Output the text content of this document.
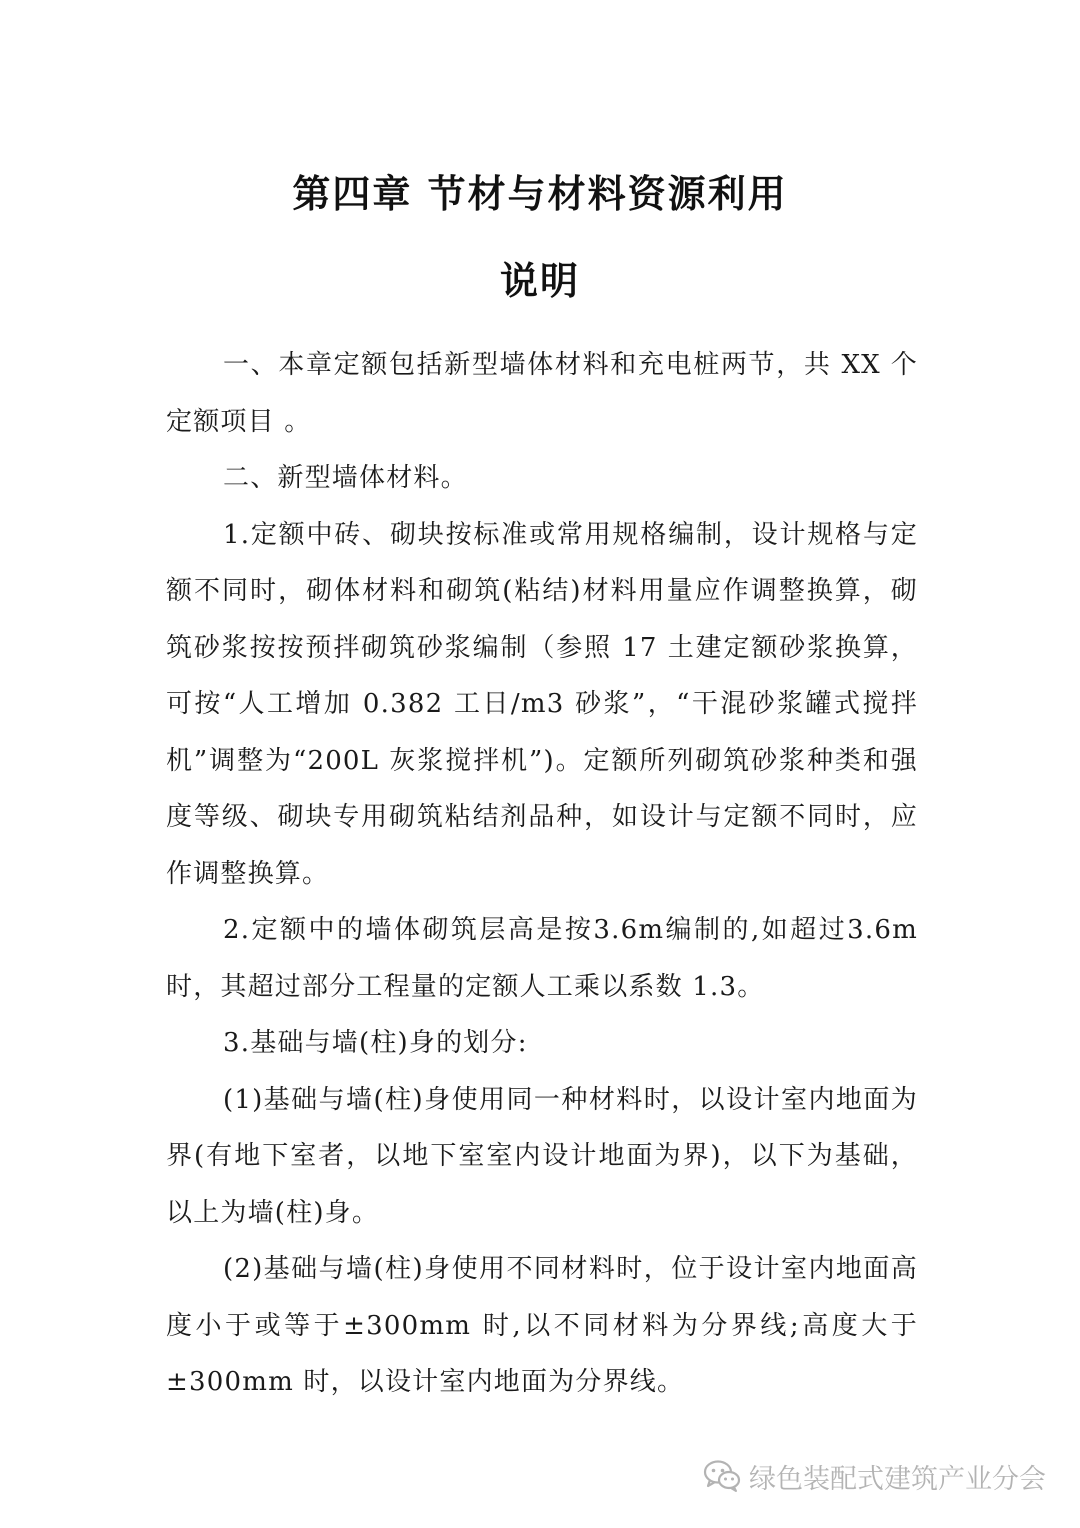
第四章 节材与材料资源利用
说明

一、本章定额包括新型墙体材料和充电桩两节，共 XX 个定额项目 。

二、新型墙体材料。

1.定额中砖、砌块按标准或常用规格编制，设计规格与定额不同时，砌体材料和砌筑(粘结)材料用量应作调整换算，砌筑砂浆按按预拌砌筑砂浆编制（参照 17 土建定额砂浆换算，可按“人工增加 0.382 工日/m3 砂浆”，“干混砂浆罐式搅拌机”调整为“200L 灰浆搅拌机”)。定额所列砌筑砂浆种类和强度等级、砌块专用砌筑粘结剂品种，如设计与定额不同时，应作调整换算。

2.定额中的墙体砌筑层高是按3.6m编制的,如超过3.6m时，其超过部分工程量的定额人工乘以系数 1.3。

3.基础与墙(柱)身的划分:

(1)基础与墙(柱)身使用同一种材料时，以设计室内地面为界(有地下室者，以地下室室内设计地面为界)，以下为基础，以上为墙(柱)身。

(2)基础与墙(柱)身使用不同材料时，位于设计室内地面高度小于或等于±300mm 时,以不同材料为分界线;高度大于±300mm 时，以设计室内地面为分界线。

绿色装配式建筑产业分会
